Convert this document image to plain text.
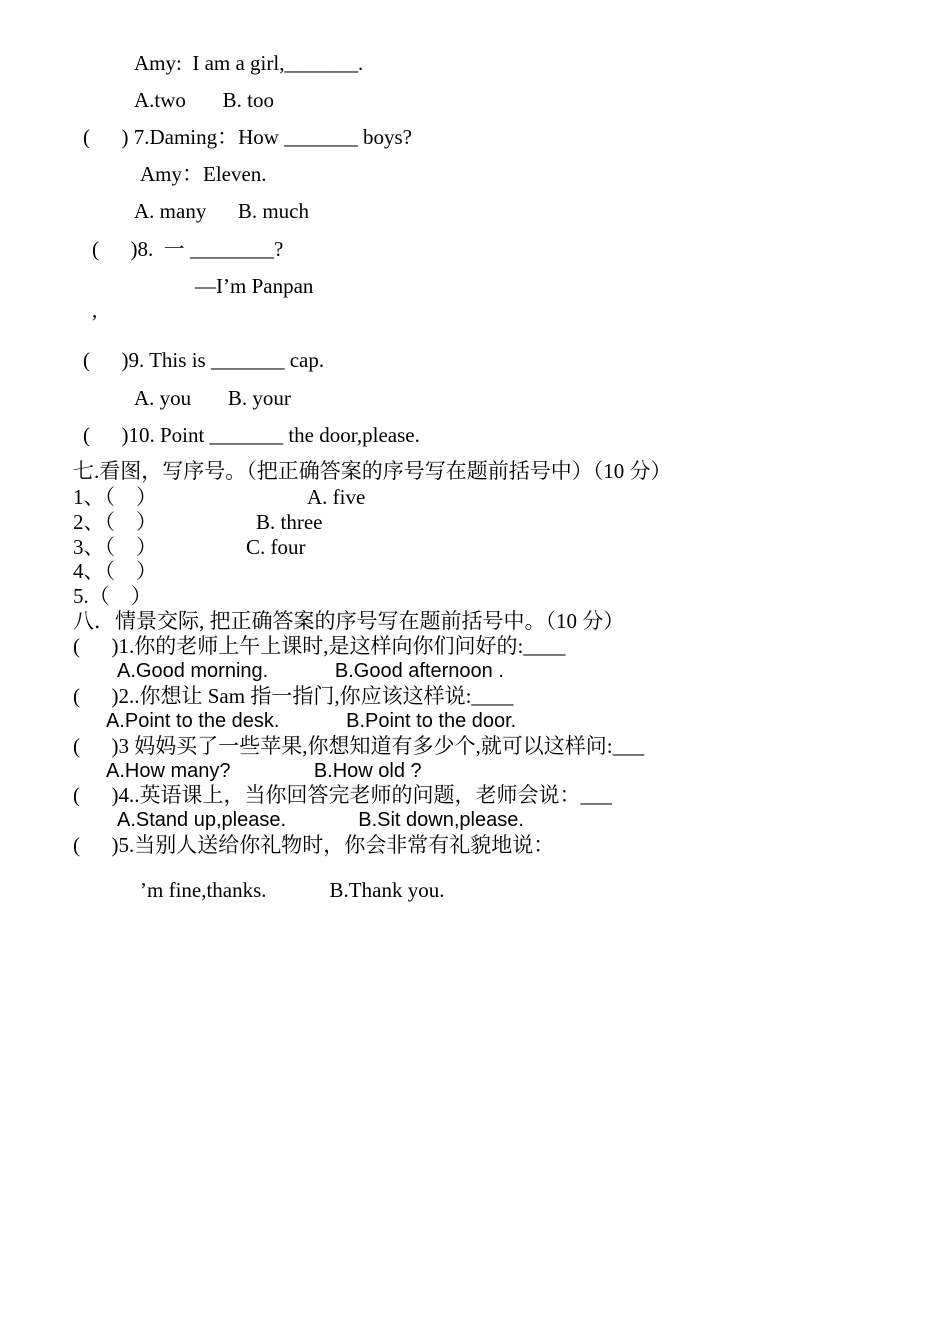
Amy:  I am a girl,_______.
A.two       B. too
(      ) 7.Daming：How _______ boys?
Amy：Eleven.
A. many      B. much
(      )8.  一 ________?
—I’m Panpan
,
(      )9. This is _______ cap.
A. you       B. your
(      )10. Point _______ the door,please.
七.看图，写序号。（把正确答案的序号写在题前括号中）（10 分）
1、（    ）
2、（    ）
3、（    ）
4、（    ）
5.（    ）
A. five
B. three
C. four
八．情景交际, 把正确答案的序号写在题前括号中。（10 分）
(      )1.你的老师上午上课时,是这样向你们问好的:____
A.Good morning.            B.Good afternoon .
(      )2..你想让 Sam 指一指门,你应该这样说:____
A.Point to the desk.            B.Point to the door.
(      )3 妈妈买了一些苹果,你想知道有多少个,就可以这样问:___
A.How many?               B.How old ?
(      )4..英语课上，当你回答完老师的问题，老师会说：___
A.Stand up,please.             B.Sit down,please.
(      )5.当别人送给你礼物时，你会非常有礼貌地说：
’m fine,thanks.            B.Thank you.
